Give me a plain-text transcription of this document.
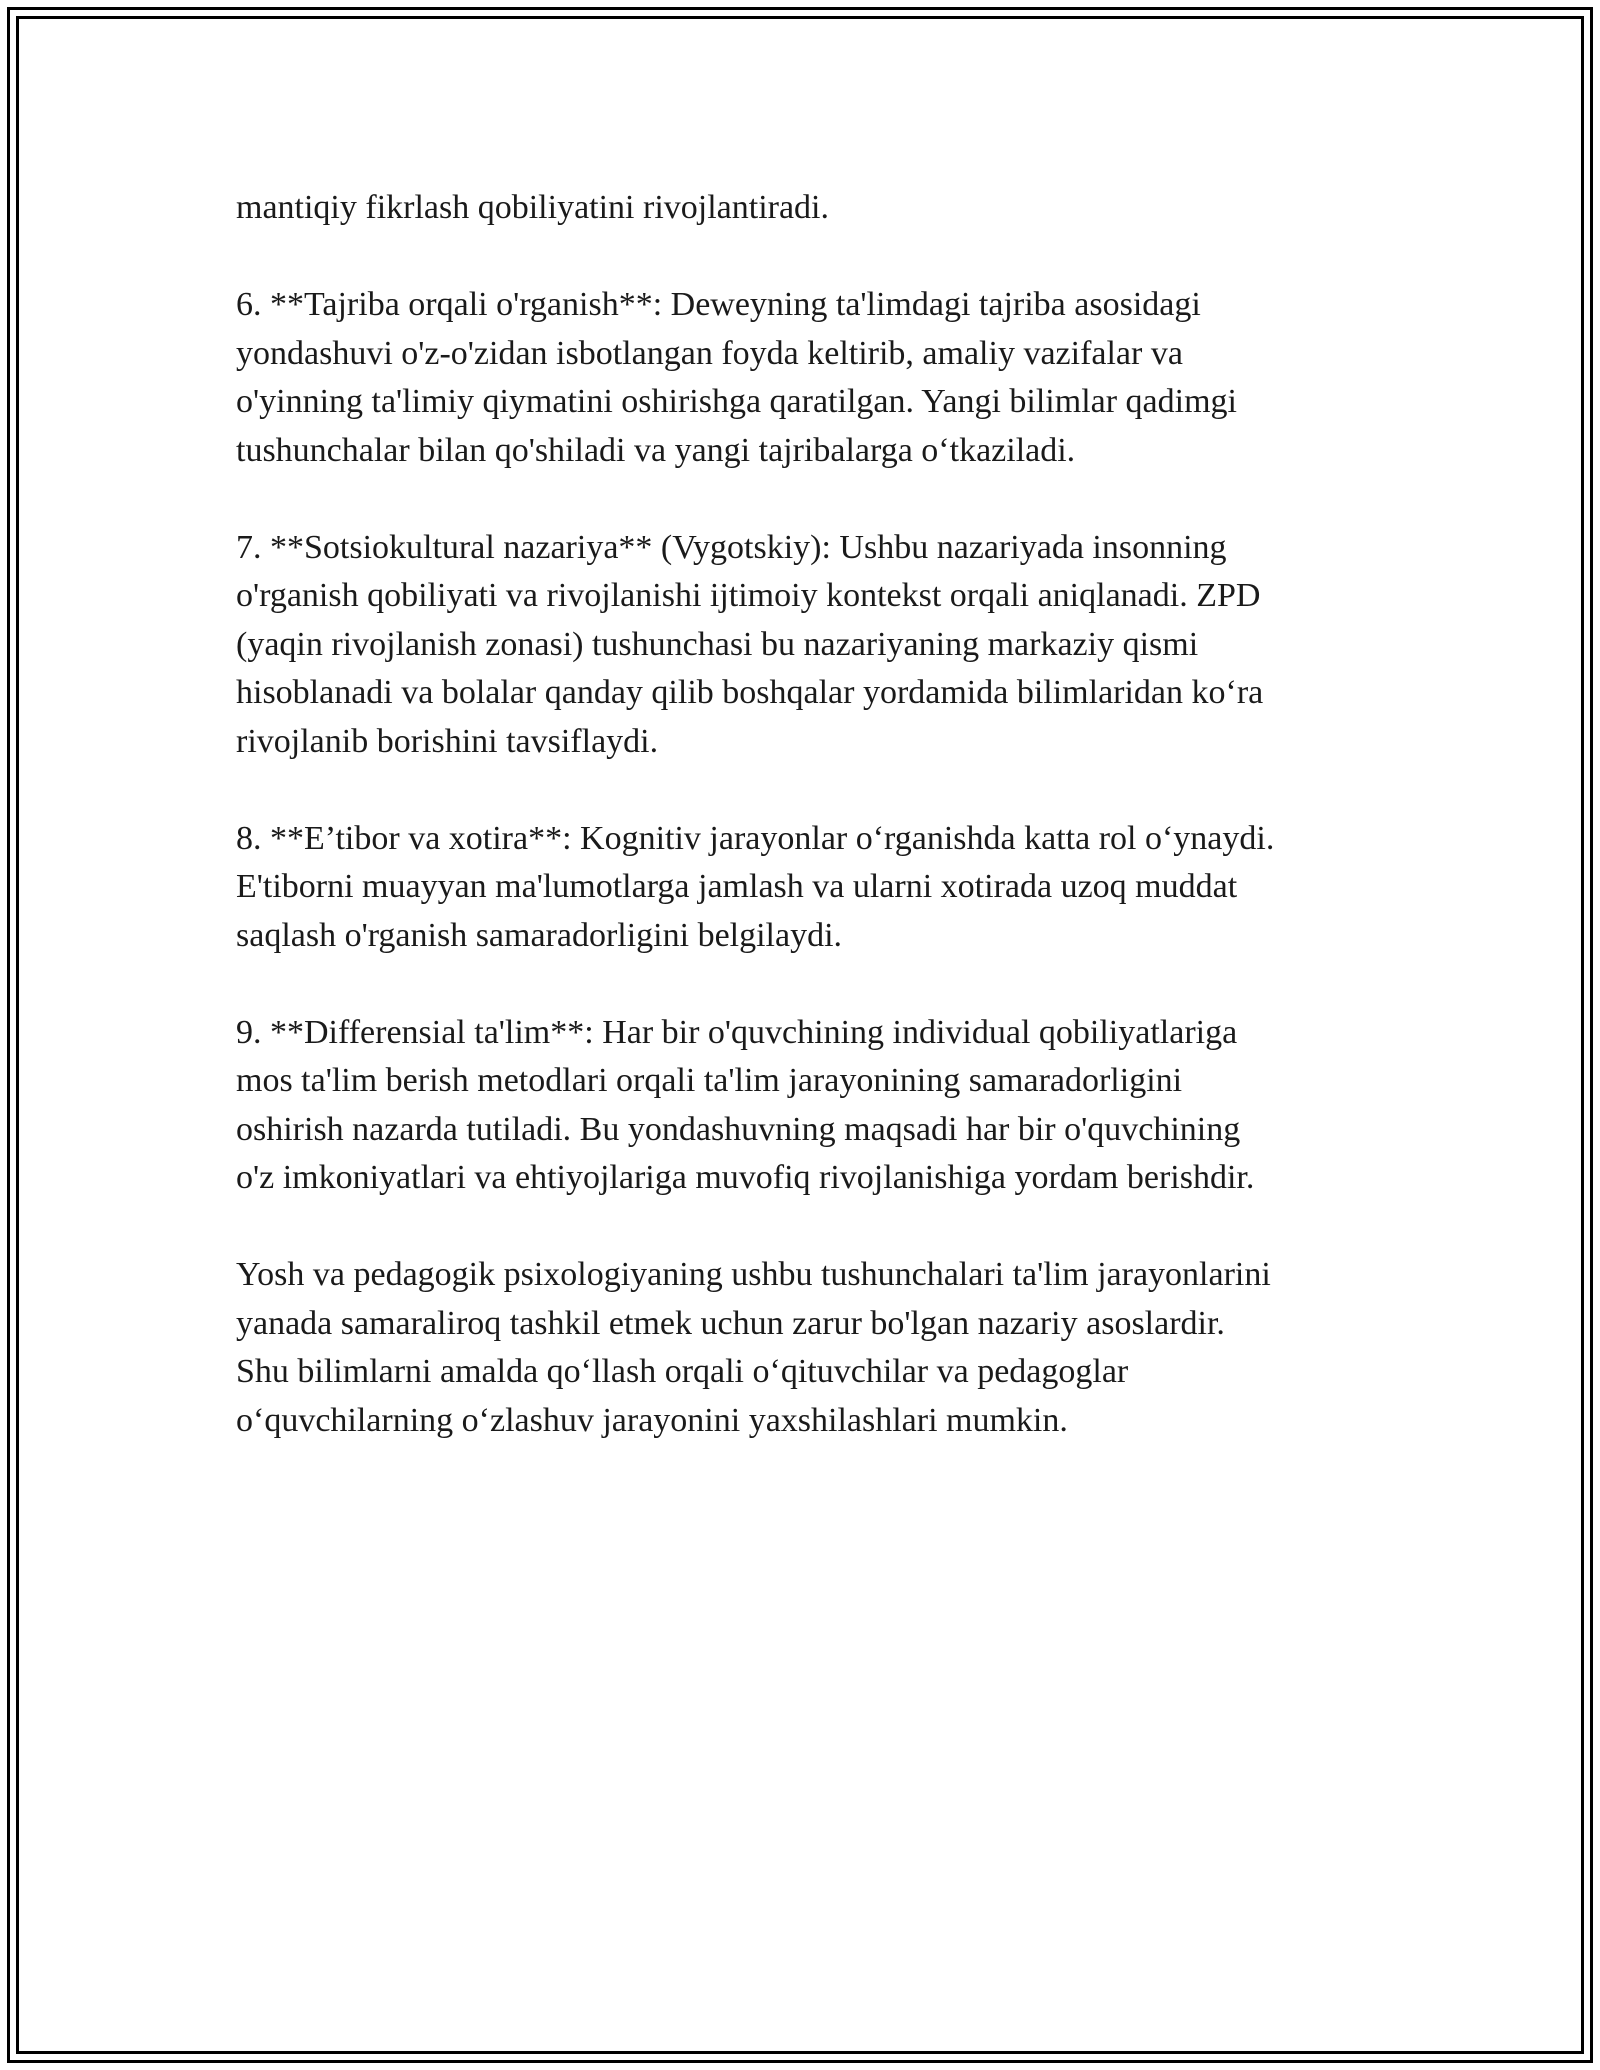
mantiqiy fikrlash qobiliyatini rivojlantiradi.
6. **Tajriba orqali o'rganish**: Deweyning ta'limdagi tajriba asosidagi
yondashuvi o'z-o'zidan isbotlangan foyda keltirib, amaliy vazifalar va
o'yinning ta'limiy qiymatini oshirishga qaratilgan. Yangi bilimlar qadimgi
tushunchalar bilan qo'shiladi va yangi tajribalarga o‘tkaziladi.
7. **Sotsiokultural nazariya** (Vygotskiy): Ushbu nazariyada insonning
o'rganish qobiliyati va rivojlanishi ijtimoiy kontekst orqali aniqlanadi. ZPD
(yaqin rivojlanish zonasi) tushunchasi bu nazariyaning markaziy qismi
hisoblanadi va bolalar qanday qilib boshqalar yordamida bilimlaridan ko‘ra
rivojlanib borishini tavsiflaydi.
8. **E’tibor va xotira**: Kognitiv jarayonlar o‘rganishda katta rol o‘ynaydi.
E'tiborni muayyan ma'lumotlarga jamlash va ularni xotirada uzoq muddat
saqlash o'rganish samaradorligini belgilaydi.
9. **Differensial ta'lim**: Har bir o'quvchining individual qobiliyatlariga
mos ta'lim berish metodlari orqali ta'lim jarayonining samaradorligini
oshirish nazarda tutiladi. Bu yondashuvning maqsadi har bir o'quvchining
o'z imkoniyatlari va ehtiyojlariga muvofiq rivojlanishiga yordam berishdir.
Yosh va pedagogik psixologiyaning ushbu tushunchalari ta'lim jarayonlarini
yanada samaraliroq tashkil etmek uchun zarur bo'lgan nazariy asoslardir.
Shu bilimlarni amalda qo‘llash orqali o‘qituvchilar va pedagoglar
o‘quvchilarning o‘zlashuv jarayonini yaxshilashlari mumkin.
